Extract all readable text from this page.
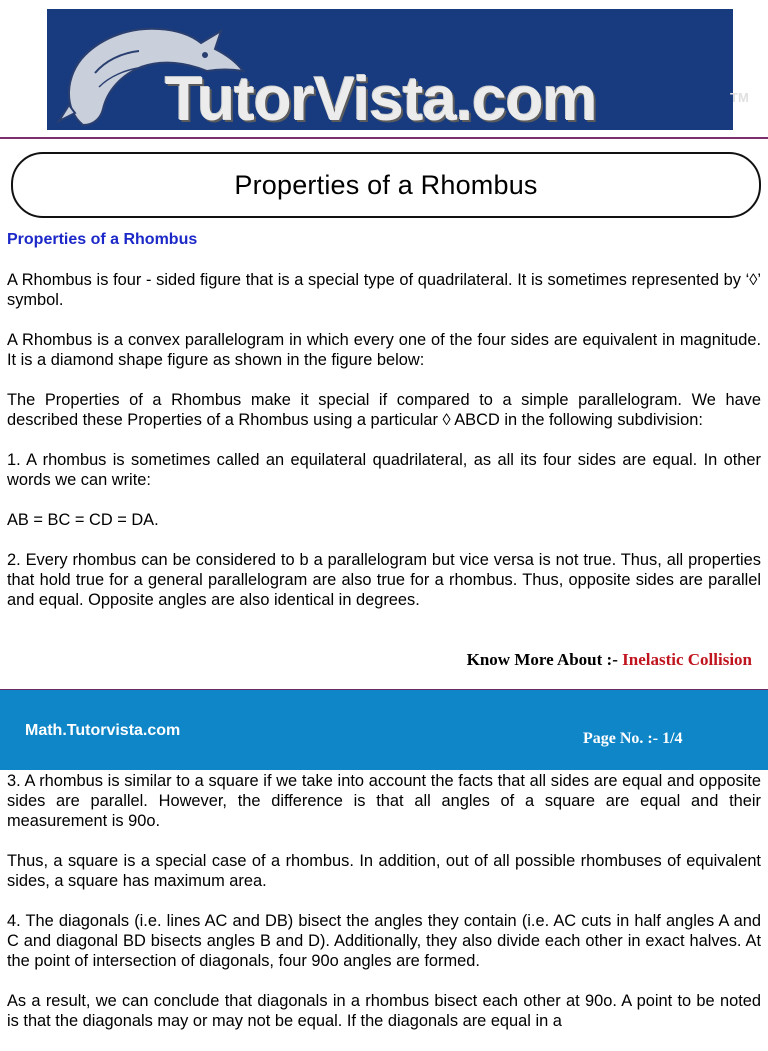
TutorVista.com	TM
Properties of a Rhombus
Properties of a Rhombus

A Rhombus is four - sided figure that is a special type of quadrilateral. It is sometimes represented by ‘◊’ symbol.

A Rhombus is a convex parallelogram in which every one of the four sides are equivalent in magnitude. It is a diamond shape figure as shown in the figure below:

The Properties of a Rhombus make it special if compared to a simple parallelogram. We have described these Properties of a Rhombus using a particular ◊ ABCD in the following subdivision:

1. A rhombus is sometimes called an equilateral quadrilateral, as all its four sides are equal. In other words we can write:

AB = BC = CD = DA.

2. Every rhombus can be considered to b a parallelogram but vice versa is not true. Thus, all properties that hold true for a general parallelogram are also true for a rhombus. Thus, opposite sides are parallel and equal. Opposite angles are also identical in degrees.

Know More About :- Inelastic Collision
Math.Tutorvista.com	Page No. :- 1/4

3. A rhombus is similar to a square if we take into account the facts that all sides are equal and opposite sides are parallel. However, the difference is that all angles of a square are equal and their measurement is 90o.

Thus, a square is a special case of a rhombus. In addition, out of all possible rhombuses of equivalent sides, a square has maximum area.

4. The diagonals (i.e. lines AC and DB) bisect the angles they contain (i.e. AC cuts in half angles A and C and diagonal BD bisects angles B and D). Additionally, they also divide each other in exact halves. At the point of intersection of diagonals, four 90o angles are formed.

As a result, we can conclude that diagonals in a rhombus bisect each other at 90o. A point to be noted is that the diagonals may or may not be equal. If the diagonals are equal in a
